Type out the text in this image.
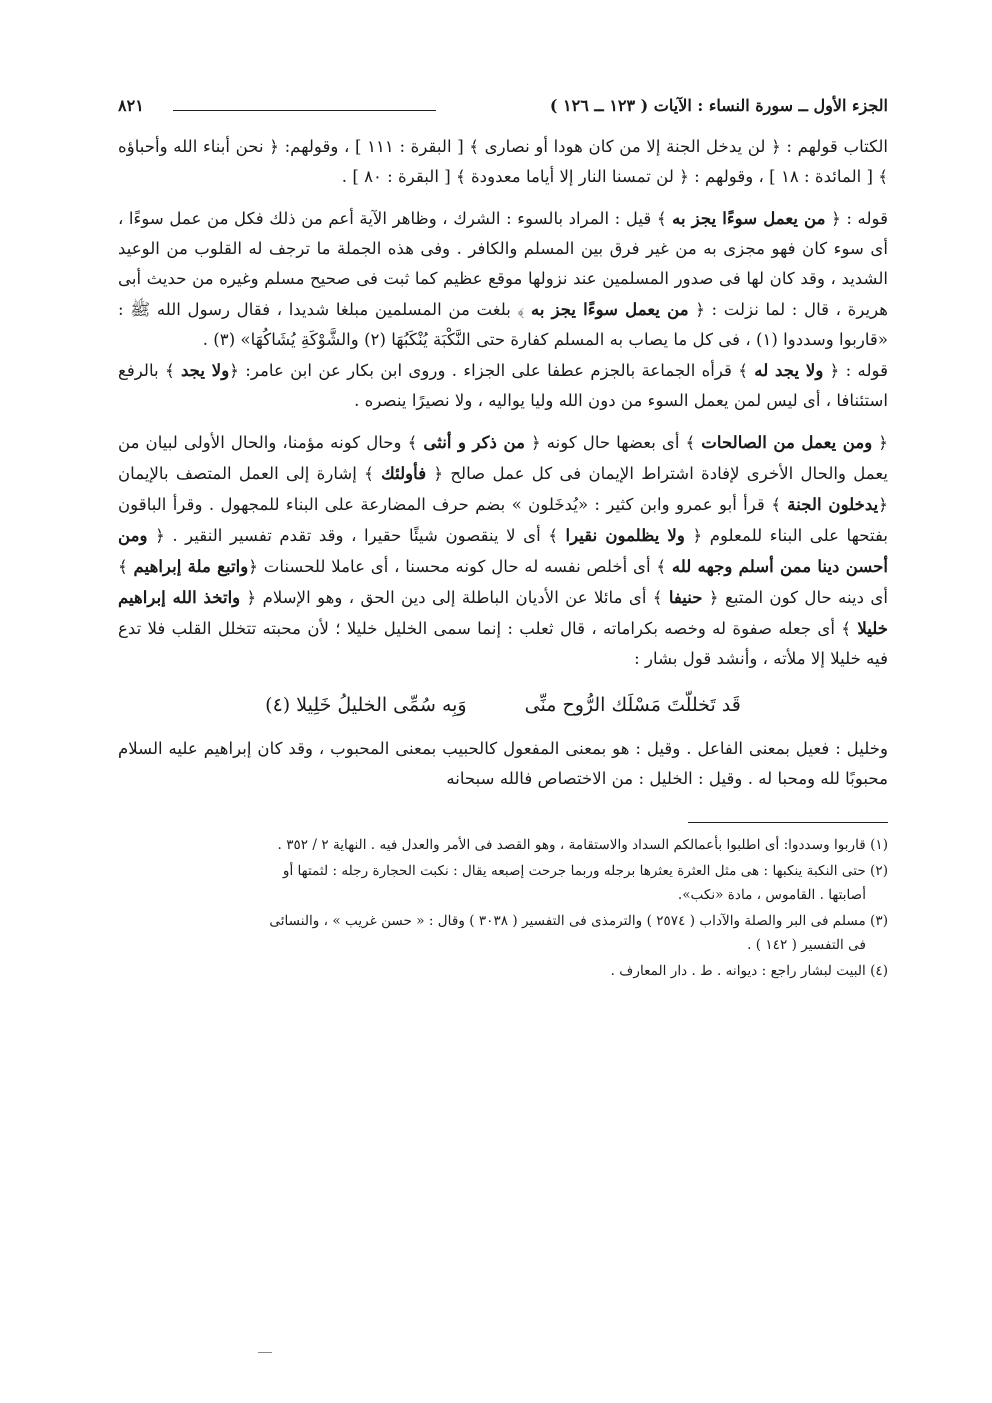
الجزء الأول ــ سورة النساء : الآيات ( ١٢٣ ــ ١٢٦ )
٨٢١

الكتاب قولهم : ﴿ لن يدخل الجنة إلا من كان هودا أو نصارى ﴾ [ البقرة : ١١١ ] ، وقولهم: ﴿ نحن أبناء الله وأحباؤه ﴾ [ المائدة : ١٨ ] ، وقولهم : ﴿ لن تمسنا النار إلا أياما معدودة ﴾ [ البقرة : ٨٠ ] .

قوله : ﴿ من يعمل سوءًا يجز به ﴾ قيل : المراد بالسوء : الشرك ، وظاهر الآية أعم من ذلك فكل من عمل سوءًا ، أى سوء كان فهو مجزى به من غير فرق بين المسلم والكافر . وفى هذه الجملة ما ترجف له القلوب من الوعيد الشديد ، وقد كان لها فى صدور المسلمين عند نزولها موقع عظيم كما ثبت فى صحيح مسلم وغيره من حديث أبى هريرة ، قال : لما نزلت : ﴿ من يعمل سوءًا يجز به ﴾ بلغت من المسلمين مبلغا شديدا ، فقال رسول الله ﷺ : «قاربوا وسددوا (١) ، فى كل ما يصاب به المسلم كفارة حتى النَّكْبَة يُنْكَبُهَا (٢) والشَّوْكَةِ يُشَاكُهَا» (٣) .

قوله : ﴿ ولا يجد له ﴾ قرأه الجماعة بالجزم عطفا على الجزاء . وروى ابن بكار عن ابن عامر: ﴿ولا يجد ﴾ بالرفع استئنافا ، أى ليس لمن يعمل السوء من دون الله وليا يواليه ، ولا نصيرًا ينصره .

﴿ ومن يعمل من الصالحات ﴾ أى بعضها حال كونه ﴿ من ذكر و أنثى ﴾ وحال كونه مؤمنا، والحال الأولى لبيان من يعمل والحال الأخرى لإفادة اشتراط الإيمان فى كل عمل صالح ﴿ فأولئك ﴾ إشارة إلى العمل المتصف بالإيمان ﴿يدخلون الجنة ﴾ قرأ أبو عمرو وابن كثير : «يُدخَلون » بضم حرف المضارعة على البناء للمجهول . وقرأ الباقون بفتحها على البناء للمعلوم ﴿ ولا يظلمون نقيرا ﴾ أى لا ينقصون شيئًا حقيرا ، وقد تقدم تفسير النقير . ﴿ ومن أحسن دينا ممن أسلم وجهه لله ﴾ أى أخلص نفسه له حال كونه محسنا ، أى عاملا للحسنات ﴿واتبع ملة إبراهيم ﴾ أى دينه حال كون المتبع ﴿ حنيفا ﴾ أى مائلا عن الأديان الباطلة إلى دين الحق ، وهو الإسلام ﴿ واتخذ الله إبراهيم خليلا ﴾ أى جعله صفوة له وخصه بكراماته ، قال ثعلب : إنما سمى الخليل خليلا ؛ لأن محبته تتخلل القلب فلا تدع فيه خليلا إلا ملأته ، وأنشد قول بشار :

قَد تَخللّتَ مَسْلَك الرُّوح منِّى وَبِه سُمِّى الخليلُ خَلِيلا (٤)

وخليل : فعيل بمعنى الفاعل . وقيل : هو بمعنى المفعول كالحبيب بمعنى المحبوب ، وقد كان إبراهيم عليه السلام محبوبًا لله ومحبا له . وقيل : الخليل : من الاختصاص فالله سبحانه

(١) قاربوا وسددوا: أى اطلبوا بأعمالكم السداد والاستقامة ، وهو القصد فى الأمر والعدل فيه . النهاية ٢ / ٣٥٢ .

(٢) حتى النكبة ينكبها : هى مثل العثرة يعثرها برجله وربما جرحت إصبعه يقال : نكبت الحجارة رجله : لثمتها أو
أصابتها . القاموس ، مادة «نكب».

(٣) مسلم فى البر والصلة والآداب ( ٢٥٧٤ ) والترمذى فى التفسير ( ٣٠٣٨ ) وقال : « حسن غريب » ، والنسائى
فى التفسير ( ١٤٢ ) .

(٤) البيت لبشار راجع : ديوانه . ط . دار المعارف .
